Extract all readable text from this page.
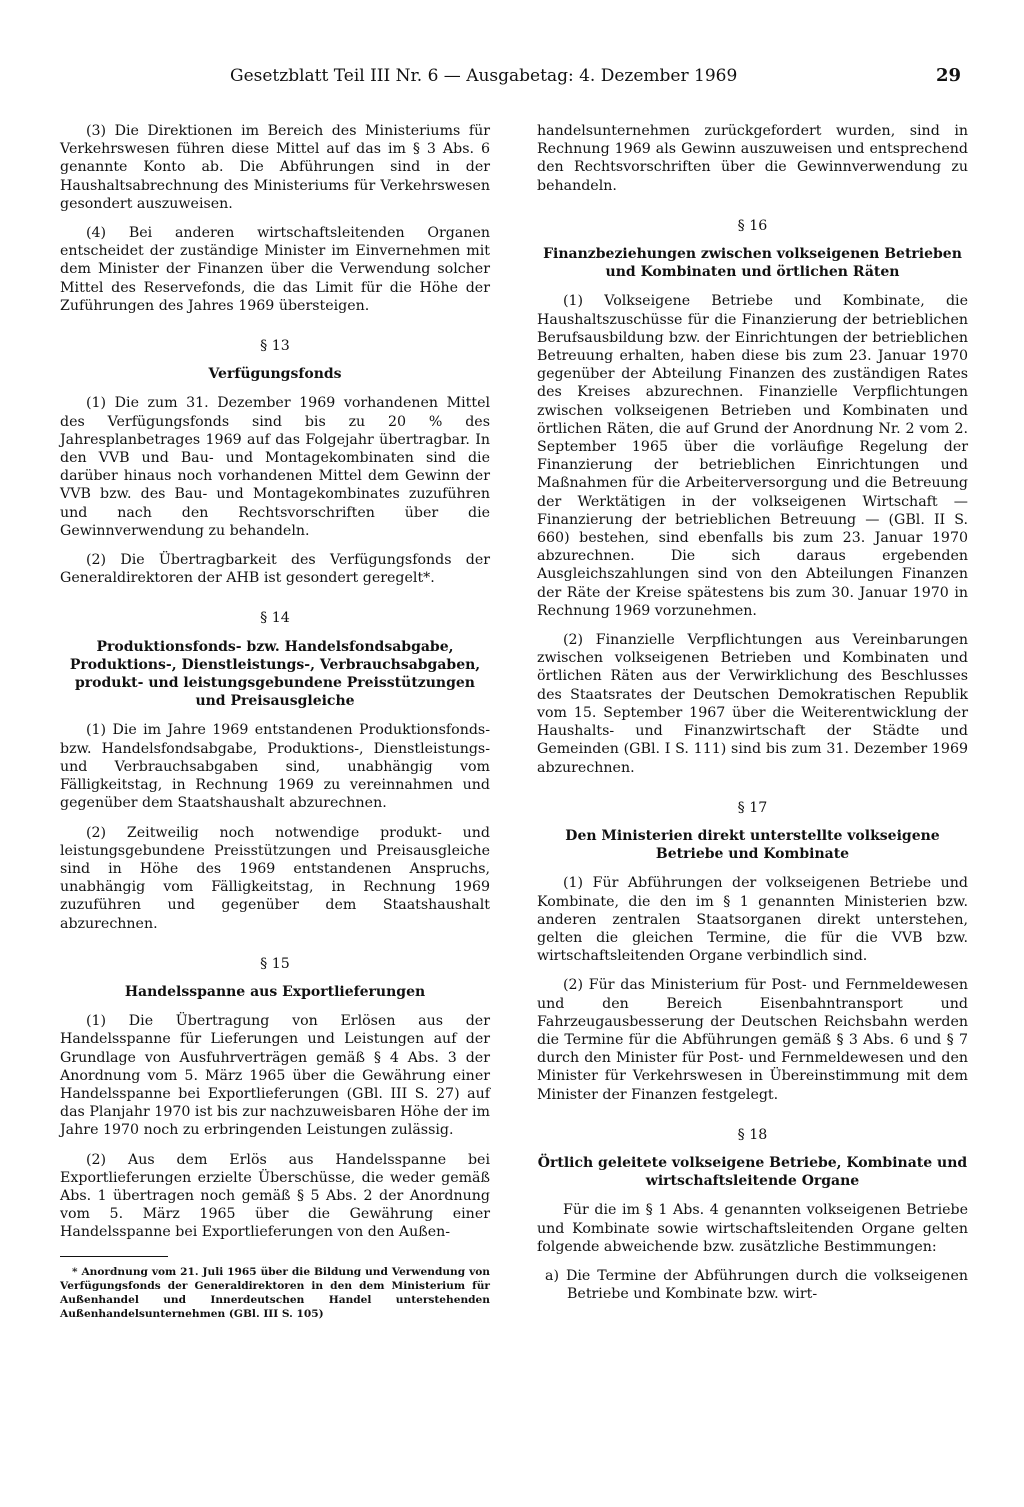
Gesetzblatt Teil III Nr. 6 — Ausgabetag: 4. Dezember 1969	29

(3) Die Direktionen im Bereich des Ministeriums für Verkehrswesen führen diese Mittel auf das im § 3 Abs. 6 genannte Konto ab. Die Abführungen sind in der Haushaltsabrechnung des Ministeriums für Verkehrswesen gesondert auszuweisen.

(4) Bei anderen wirtschaftsleitenden Organen entscheidet der zuständige Minister im Einvernehmen mit dem Minister der Finanzen über die Verwendung solcher Mittel des Reservefonds, die das Limit für die Höhe der Zuführungen des Jahres 1969 übersteigen.

§ 13
Verfügungsfonds

(1) Die zum 31. Dezember 1969 vorhandenen Mittel des Verfügungsfonds sind bis zu 20 % des Jahresplanbetrages 1969 auf das Folgejahr übertragbar. In den VVB und Bau- und Montagekombinaten sind die darüber hinaus noch vorhandenen Mittel dem Gewinn der VVB bzw. des Bau- und Montagekombinates zuzuführen und nach den Rechtsvorschriften über die Gewinnverwendung zu behandeln.

(2) Die Übertragbarkeit des Verfügungsfonds der Generaldirektoren der AHB ist gesondert geregelt*.

§ 14
Produktionsfonds- bzw. Handelsfondsabgabe, Produktions-, Dienstleistungs-, Verbrauchsabgaben, produkt- und leistungsgebundene Preisstützungen und Preisausgleiche

(1) Die im Jahre 1969 entstandenen Produktionsfonds- bzw. Handelsfondsabgabe, Produktions-, Dienstleistungs- und Verbrauchsabgaben sind, unabhängig vom Fälligkeitstag, in Rechnung 1969 zu vereinnahmen und gegenüber dem Staatshaushalt abzurechnen.

(2) Zeitweilig noch notwendige produkt- und leistungsgebundene Preisstützungen und Preisausgleiche sind in Höhe des 1969 entstandenen Anspruchs, unabhängig vom Fälligkeitstag, in Rechnung 1969 zuzuführen und gegenüber dem Staatshaushalt abzurechnen.

§ 15
Handelsspanne aus Exportlieferungen

(1) Die Übertragung von Erlösen aus der Handelsspanne für Lieferungen und Leistungen auf der Grundlage von Ausfuhrverträgen gemäß § 4 Abs. 3 der Anordnung vom 5. März 1965 über die Gewährung einer Handelsspanne bei Exportlieferungen (GBl. III S. 27) auf das Planjahr 1970 ist bis zur nachzuweisbaren Höhe der im Jahre 1970 noch zu erbringenden Leistungen zulässig.

(2) Aus dem Erlös aus Handelsspanne bei Exportlieferungen erzielte Überschüsse, die weder gemäß Abs. 1 übertragen noch gemäß § 5 Abs. 2 der Anordnung vom 5. März 1965 über die Gewährung einer Handelsspanne bei Exportlieferungen von den Außen-

* Anordnung vom 21. Juli 1965 über die Bildung und Verwendung von Verfügungsfonds der Generaldirektoren in den dem Ministerium für Außenhandel und Innerdeutschen Handel unterstehenden Außenhandelsunternehmen (GBl. III S. 105)

handelsunternehmen zurückgefordert wurden, sind in Rechnung 1969 als Gewinn auszuweisen und entsprechend den Rechtsvorschriften über die Gewinnverwendung zu behandeln.

§ 16
Finanzbeziehungen zwischen volkseigenen Betrieben und Kombinaten und örtlichen Räten

(1) Volkseigene Betriebe und Kombinate, die Haushaltszuschüsse für die Finanzierung der betrieblichen Berufsausbildung bzw. der Einrichtungen der betrieblichen Betreuung erhalten, haben diese bis zum 23. Januar 1970 gegenüber der Abteilung Finanzen des zuständigen Rates des Kreises abzurechnen. Finanzielle Verpflichtungen zwischen volkseigenen Betrieben und Kombinaten und örtlichen Räten, die auf Grund der Anordnung Nr. 2 vom 2. September 1965 über die vorläufige Regelung der Finanzierung der betrieblichen Einrichtungen und Maßnahmen für die Arbeiterversorgung und die Betreuung der Werktätigen in der volkseigenen Wirtschaft — Finanzierung der betrieblichen Betreuung — (GBl. II S. 660) bestehen, sind ebenfalls bis zum 23. Januar 1970 abzurechnen. Die sich daraus ergebenden Ausgleichszahlungen sind von den Abteilungen Finanzen der Räte der Kreise spätestens bis zum 30. Januar 1970 in Rechnung 1969 vorzunehmen.

(2) Finanzielle Verpflichtungen aus Vereinbarungen zwischen volkseigenen Betrieben und Kombinaten und örtlichen Räten aus der Verwirklichung des Beschlusses des Staatsrates der Deutschen Demokratischen Republik vom 15. September 1967 über die Weiterentwicklung der Haushalts- und Finanzwirtschaft der Städte und Gemeinden (GBl. I S. 111) sind bis zum 31. Dezember 1969 abzurechnen.

§ 17
Den Ministerien direkt unterstellte volkseigene Betriebe und Kombinate

(1) Für Abführungen der volkseigenen Betriebe und Kombinate, die den im § 1 genannten Ministerien bzw. anderen zentralen Staatsorganen direkt unterstehen, gelten die gleichen Termine, die für die VVB bzw. wirtschaftsleitenden Organe verbindlich sind.

(2) Für das Ministerium für Post- und Fernmeldewesen und den Bereich Eisenbahntransport und Fahrzeugausbesserung der Deutschen Reichsbahn werden die Termine für die Abführungen gemäß § 3 Abs. 6 und § 7 durch den Minister für Post- und Fernmeldewesen und den Minister für Verkehrswesen in Übereinstimmung mit dem Minister der Finanzen festgelegt.

§ 18
Örtlich geleitete volkseigene Betriebe, Kombinate und wirtschaftsleitende Organe

Für die im § 1 Abs. 4 genannten volkseigenen Betriebe und Kombinate sowie wirtschaftsleitenden Organe gelten folgende abweichende bzw. zusätzliche Bestimmungen:

a) Die Termine der Abführungen durch die volkseigenen Betriebe und Kombinate bzw. wirt-
